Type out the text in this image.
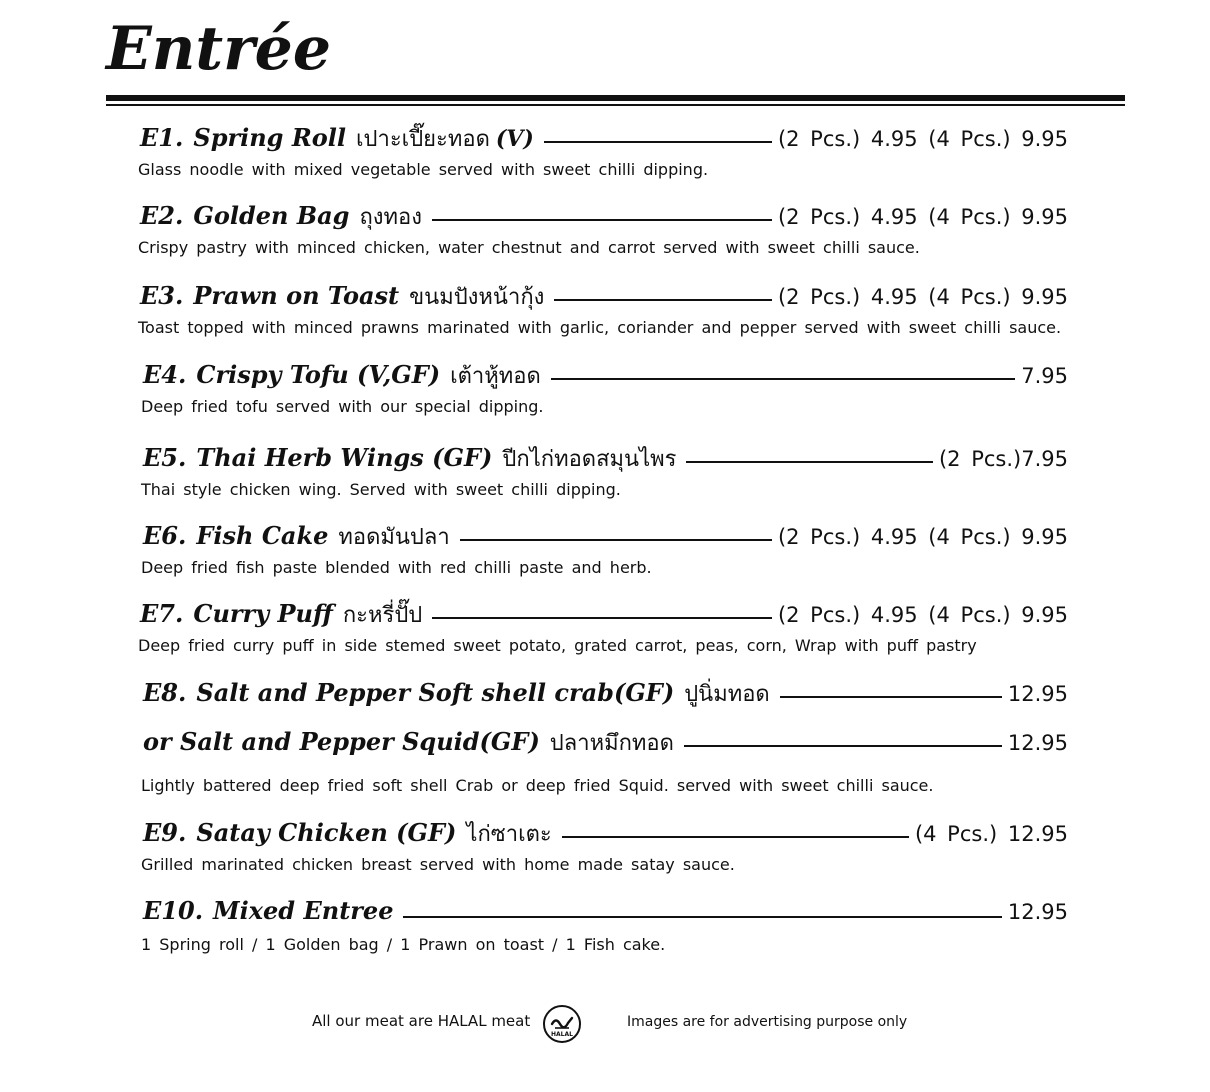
Entrée
E1. Spring Roll เปาะเปี๊ยะทอด (V)	(2 Pcs.) 4.95 (4 Pcs.) 9.95
Glass noodle with mixed vegetable served with sweet chilli dipping.
E2. Golden Bag ถุงทอง	(2 Pcs.) 4.95 (4 Pcs.) 9.95
Crispy pastry with minced chicken, water chestnut and carrot served with sweet chilli sauce.
E3. Prawn on Toast ขนมปังหน้ากุ้ง	(2 Pcs.) 4.95 (4 Pcs.) 9.95
Toast topped with minced prawns marinated with garlic, coriander and pepper served with sweet chilli sauce.
E4. Crispy Tofu (V,GF) เต้าหู้ทอด	7.95
Deep fried tofu served with our special dipping.
E5. Thai Herb Wings (GF) ปีกไก่ทอดสมุนไพร	(2 Pcs.)7.95
Thai style chicken wing. Served with sweet chilli dipping.
E6. Fish Cake ทอดมันปลา	(2 Pcs.) 4.95 (4 Pcs.) 9.95
Deep fried fish paste blended with red chilli paste and herb.
E7. Curry Puff กะหรี่ปั๊ป	(2 Pcs.) 4.95 (4 Pcs.) 9.95
Deep fried curry puff in side stemed sweet potato, grated carrot, peas, corn, Wrap with puff pastry
E8. Salt and Pepper Soft shell crab(GF) ปูนิ่มทอด	12.95
or Salt and Pepper Squid(GF) ปลาหมึกทอด	12.95
Lightly battered deep fried soft shell Crab or deep fried Squid. served with sweet chilli sauce.
E9. Satay Chicken (GF) ไก่ซาเตะ	(4 Pcs.) 12.95
Grilled marinated chicken breast served with home made satay sauce.
E10. Mixed Entree	12.95
1 Spring roll / 1 Golden bag / 1 Prawn on toast / 1 Fish cake.
All our meat are HALAL meat
HALAL
Images are for advertising purpose only
